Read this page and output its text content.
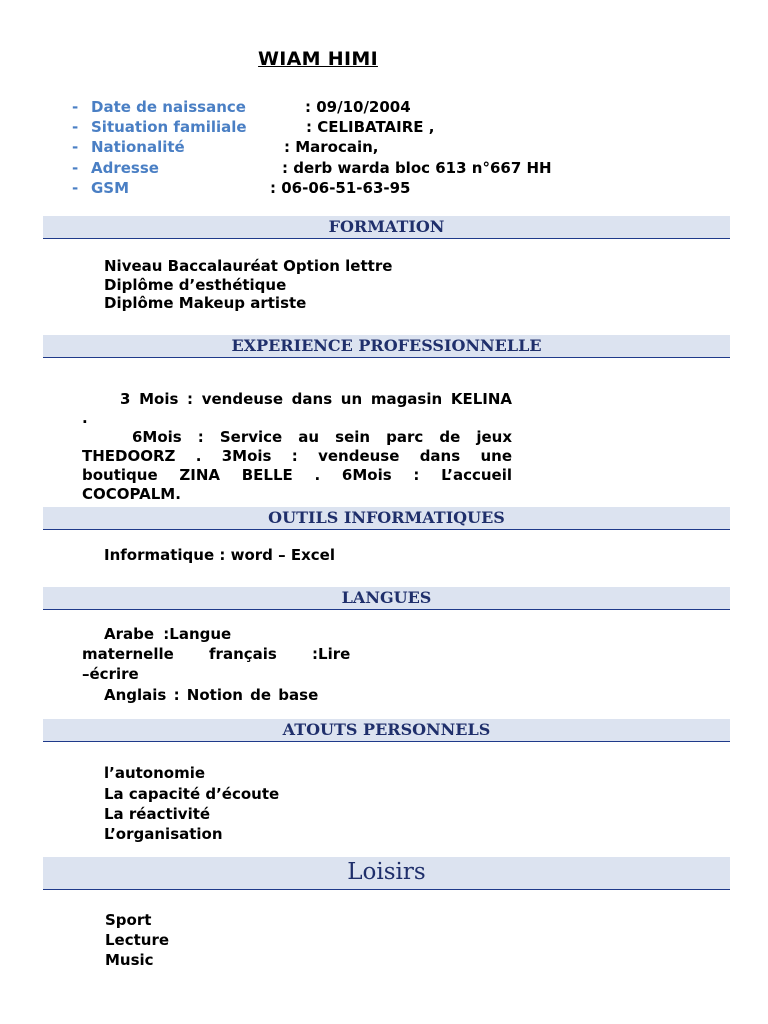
WIAM HIMI
- Date de naissance	: 09/10/2004
- Situation familiale	: CELIBATAIRE ,
- Nationalité	: Marocain,
- Adresse	: derb warda bloc 613 n°667 HH
- GSM	: 06-06-51-63-95
FORMATION
Niveau Baccalauréat Option lettre
Diplôme d’esthétique
Diplôme Makeup artiste
EXPERIENCE PROFESSIONNELLE
3 Mois : vendeuse dans un magasin KELINA .
6Mois : Service au sein parc de jeux THEDOORZ . 3Mois : vendeuse dans une boutique ZINA BELLE . 6Mois : L’accueil COCOPALM.
OUTILS INFORMATIQUES
Informatique : word – Excel
LANGUES
Arabe :Langue
maternelle français :Lire
–écrire
Anglais : Notion de base
ATOUTS PERSONNELS
l’autonomie
La capacité d’écoute
La réactivité
L’organisation
Loisirs
Sport
Lecture
Music
